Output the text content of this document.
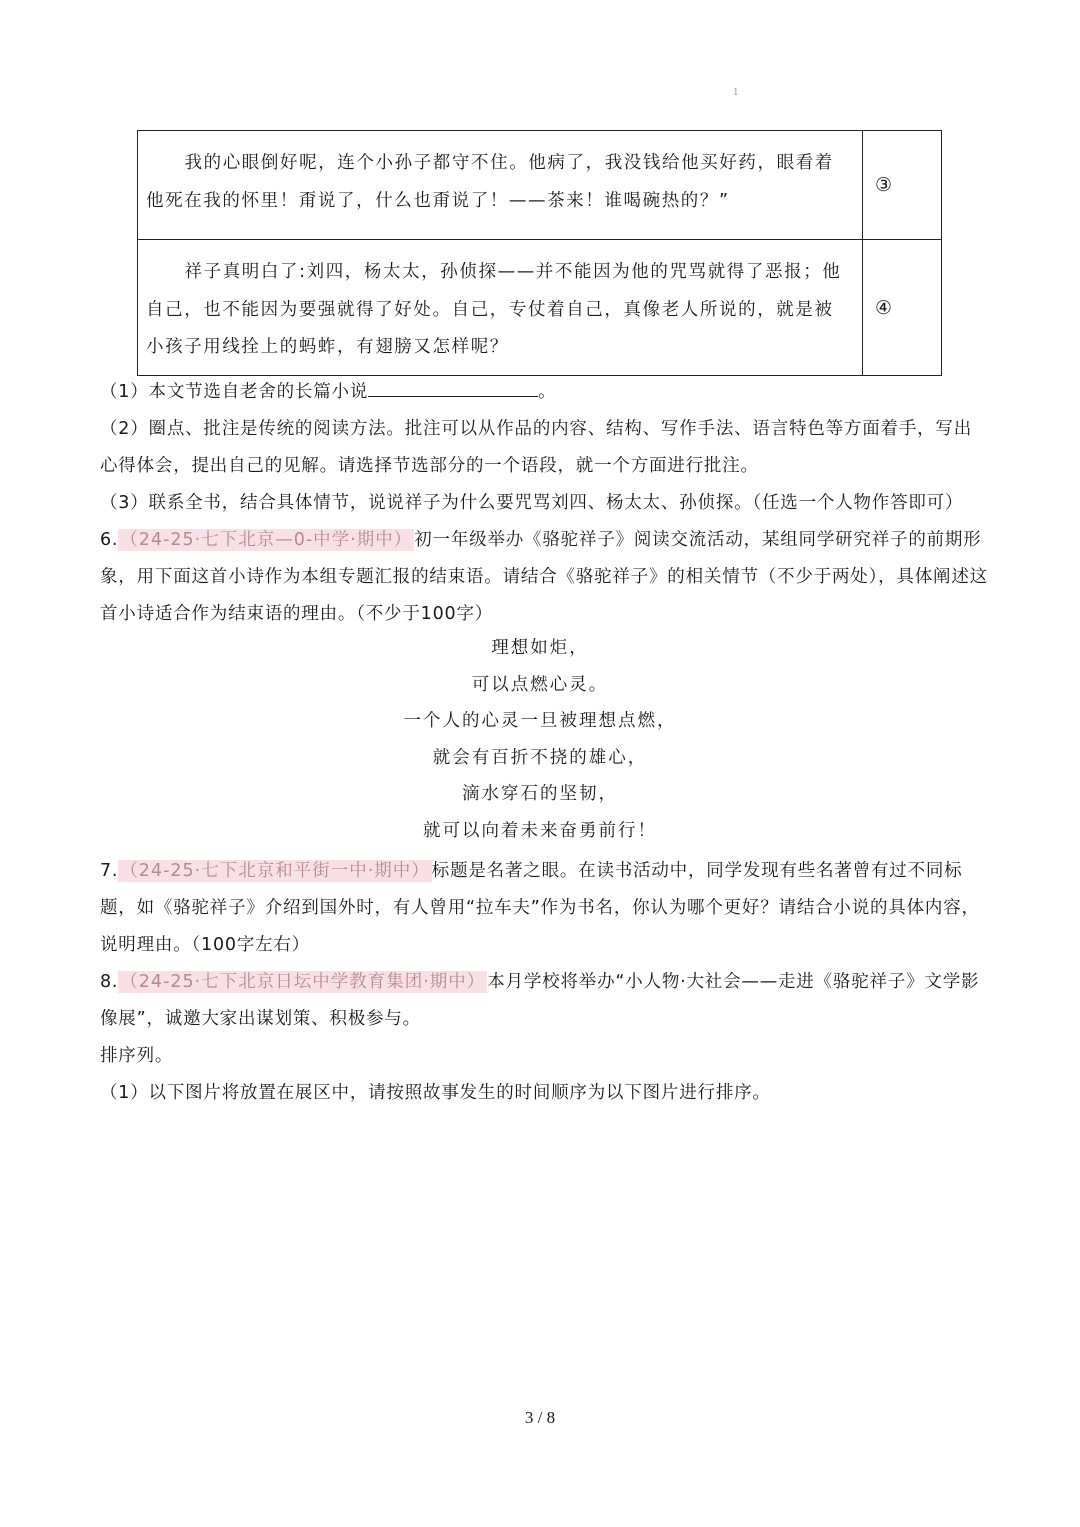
1

我的心眼倒好呢，连个小孙子都守不住。他病了，我没钱给他买好药，眼看着他死在我的怀里！甭说了，什么也甭说了！——茶来！谁喝碗热的？”

③

祥子真明白了:刘四，杨太太，孙侦探——并不能因为他的咒骂就得了恶报；他自己，也不能因为要强就得了好处。自己，专仗着自己，真像老人所说的，就是被小孩子用线拴上的蚂蚱，有翅膀又怎样呢？

④

（1）本文节选自老舍的长篇小说	。

（2）圈点、批注是传统的阅读方法。批注可以从作品的内容、结构、写作手法、语言特色等方面着手，写出心得体会，提出自己的见解。请选择节选部分的一个语段，就一个方面进行批注。

（3）联系全书，结合具体情节，说说祥子为什么要咒骂刘四、杨太太、孙侦探。（任选一个人物作答即可）

6. （24-25·七下北京—0-中学·期中） 初一年级举办《骆驼祥子》阅读交流活动，某组同学研究祥子的前期形象，用下面这首小诗作为本组专题汇报的结束语。请结合《骆驼祥子》的相关情节（不少于两处），具体阐述这首小诗适合作为结束语的理由。（不少于100字）

理想如炬，

可以点燃心灵。

一个人的心灵一旦被理想点燃，

就会有百折不挠的雄心，

滴水穿石的坚韧，

就可以向着未来奋勇前行！

7. （24-25·七下北京和平街一中·期中） 标题是名著之眼。在读书活动中，同学发现有些名著曾有过不同标题，如《骆驼祥子》介绍到国外时，有人曾用“拉车夫”作为书名，你认为哪个更好？请结合小说的具体内容，说明理由。（100字左右）

8. （24-25·七下北京日坛中学教育集团·期中） 本月学校将举办“小人物·大社会——走进《骆驼祥子》文学影像展”，诚邀大家出谋划策、积极参与。

排序列。

（1）以下图片将放置在展区中，请按照故事发生的时间顺序为以下图片进行排序。

3 / 8
